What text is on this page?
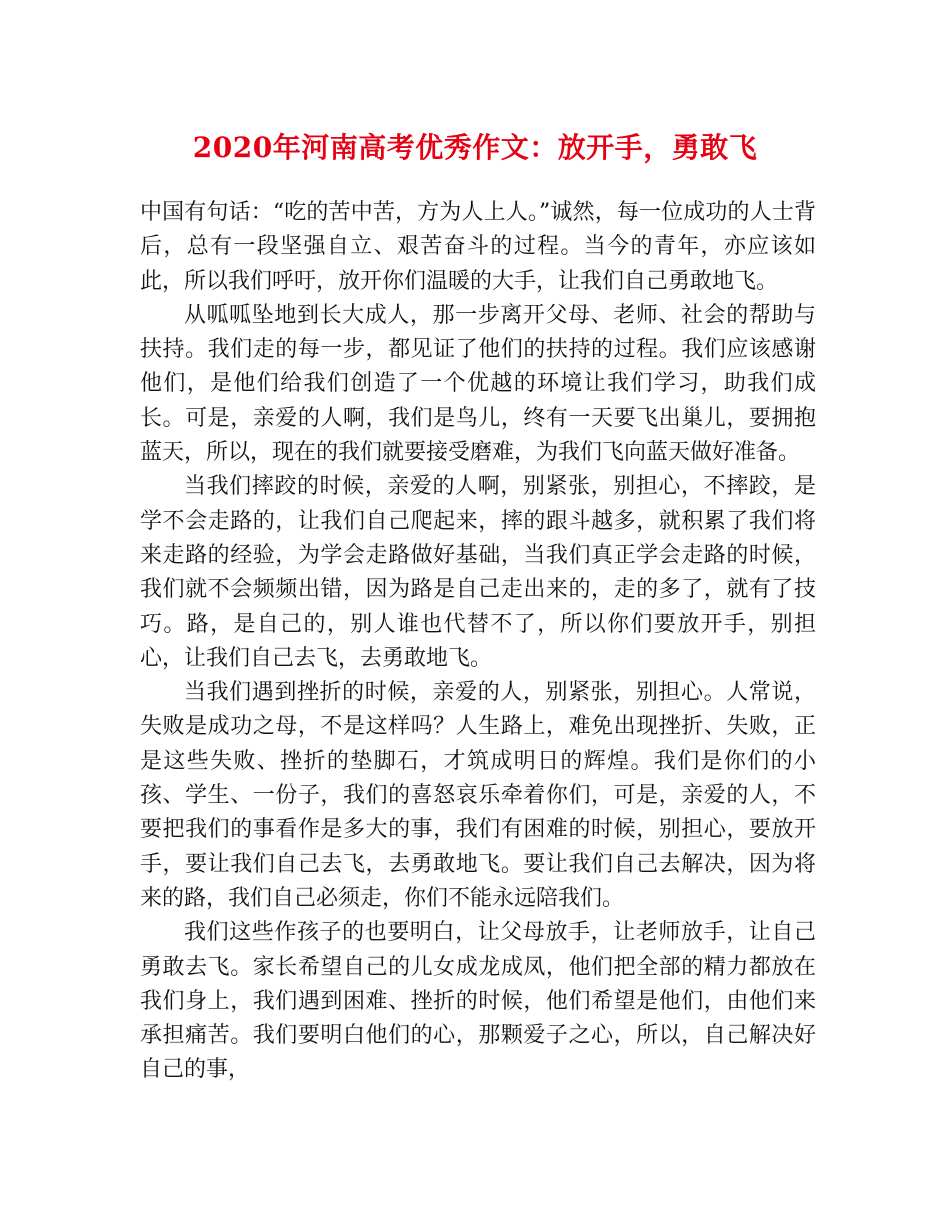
2020年河南高考优秀作文：放开手，勇敢飞

中国有句话：“吃的苦中苦，方为人上人。”诚然，每一位成功的人士背后，总有一段坚强自立、艰苦奋斗的过程。当今的青年，亦应该如此，所以我们呼吁，放开你们温暖的大手，让我们自己勇敢地飞。

从呱呱坠地到长大成人，那一步离开父母、老师、社会的帮助与扶持。我们走的每一步，都见证了他们的扶持的过程。我们应该感谢他们，是他们给我们创造了一个优越的环境让我们学习，助我们成长。可是，亲爱的人啊，我们是鸟儿，终有一天要飞出巢儿，要拥抱蓝天，所以，现在的我们就要接受磨难，为我们飞向蓝天做好准备。

当我们摔跤的时候，亲爱的人啊，别紧张，别担心，不摔跤，是学不会走路的，让我们自己爬起来，摔的跟斗越多，就积累了我们将来走路的经验，为学会走路做好基础，当我们真正学会走路的时候，我们就不会频频出错，因为路是自己走出来的，走的多了，就有了技巧。路，是自己的，别人谁也代替不了，所以你们要放开手，别担心，让我们自己去飞，去勇敢地飞。

当我们遇到挫折的时候，亲爱的人，别紧张，别担心。人常说，失败是成功之母，不是这样吗？人生路上，难免出现挫折、失败，正是这些失败、挫折的垫脚石，才筑成明日的辉煌。我们是你们的小孩、学生、一份子，我们的喜怒哀乐牵着你们，可是，亲爱的人，不要把我们的事看作是多大的事，我们有困难的时候，别担心，要放开手，要让我们自己去飞，去勇敢地飞。要让我们自己去解决，因为将来的路，我们自己必须走，你们不能永远陪我们。

我们这些作孩子的也要明白，让父母放手，让老师放手，让自己勇敢去飞。家长希望自己的儿女成龙成凤，他们把全部的精力都放在我们身上，我们遇到困难、挫折的时候，他们希望是他们，由他们来承担痛苦。我们要明白他们的心，那颗爱子之心，所以，自己解决好自己的事，
